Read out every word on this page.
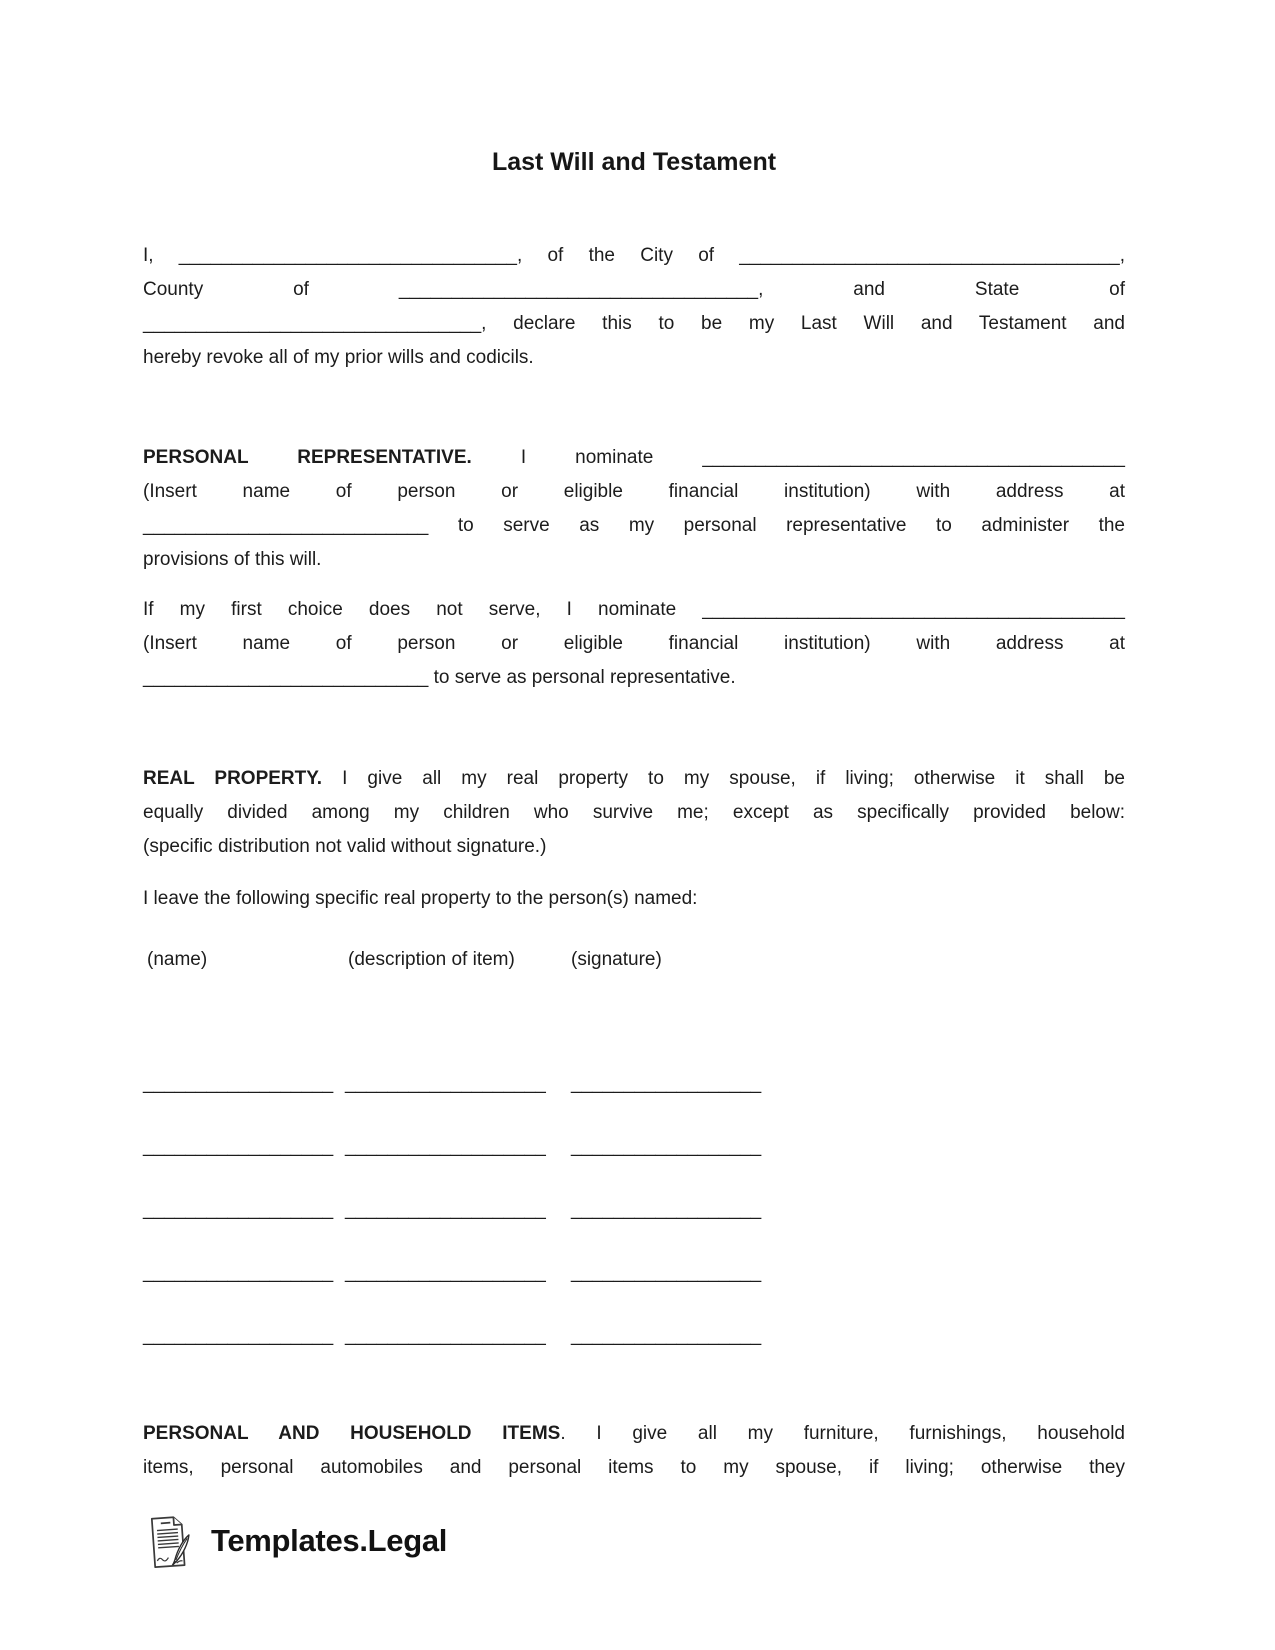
Last Will and Testament
I, ________________________________, of the City of ____________________________________,
County of __________________________________, and State of
________________________________, declare this to be my Last Will and Testament and
hereby revoke all of my prior wills and codicils.
PERSONAL REPRESENTATIVE. I nominate ________________________________________
(Insert name of person or eligible financial institution) with address at
___________________________ to serve as my personal representative to administer the
provisions of this will.
If my first choice does not serve, I nominate ________________________________________
(Insert name of person or eligible financial institution) with address at
___________________________ to serve as personal representative.
REAL PROPERTY. I give all my real property to my spouse, if living; otherwise it shall be
equally divided among my children who survive me; except as specifically provided below:
(specific distribution not valid without signature.)
I leave the following specific real property to the person(s) named:

(name)

	(description of item)

	(signature)

__________________

___________________

__________________

__________________

___________________

__________________

__________________

___________________

__________________

__________________

___________________

__________________

__________________

___________________

__________________

PERSONAL AND HOUSEHOLD ITEMS. I give all my furniture, furnishings, household
items, personal automobiles and personal items to my spouse, if living; otherwise they
Templates.Legal
